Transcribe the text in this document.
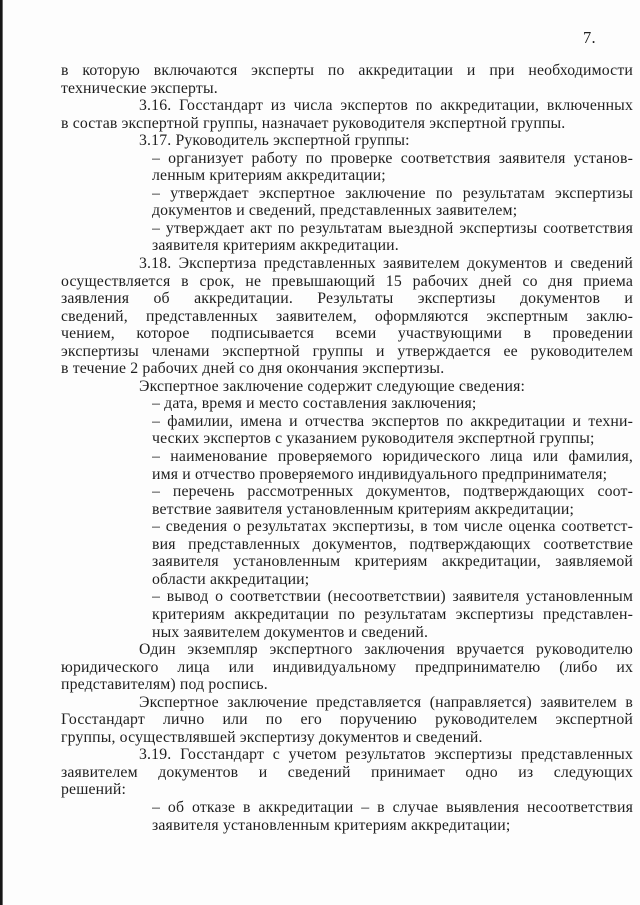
7.
в которую включаются эксперты по аккредитации и при необходимости
технические эксперты.
3.16. Госстандарт из числа экспертов по аккредитации, включенных
в состав экспертной группы, назначает руководителя экспертной группы.
3.17. Руководитель экспертной группы:
– организует работу по проверке соответствия заявителя установ-
ленным критериям аккредитации;
– утверждает экспертное заключение по результатам экспертизы
документов и сведений, представленных заявителем;
– утверждает акт по результатам выездной экспертизы соответствия
заявителя критериям аккредитации.
3.18. Экспертиза представленных заявителем документов и сведений
осуществляется в срок, не превышающий 15 рабочих дней со дня приема
заявления об аккредитации. Результаты экспертизы документов и
сведений, представленных заявителем, оформляются экспертным заклю-
чением, которое подписывается всеми участвующими в проведении
экспертизы членами экспертной группы и утверждается ее руководителем
в течение 2 рабочих дней со дня окончания экспертизы.
Экспертное заключение содержит следующие сведения:
– дата, время и место составления заключения;
– фамилии, имена и отчества экспертов по аккредитации и техни-
ческих экспертов с указанием руководителя экспертной группы;
– наименование проверяемого юридического лица или фамилия,
имя и отчество проверяемого индивидуального предпринимателя;
– перечень рассмотренных документов, подтверждающих соот-
ветствие заявителя установленным критериям аккредитации;
– сведения о результатах экспертизы, в том числе оценка соответст-
вия представленных документов, подтверждающих соответствие
заявителя установленным критериям аккредитации, заявляемой
области аккредитации;
– вывод о соответствии (несоответствии) заявителя установленным
критериям аккредитации по результатам экспертизы представлен-
ных заявителем документов и сведений.
Один экземпляр экспертного заключения вручается руководителю
юридического лица или индивидуальному предпринимателю (либо их
представителям) под роспись.
Экспертное заключение представляется (направляется) заявителем в
Госстандарт лично или по его поручению руководителем экспертной
группы, осуществлявшей экспертизу документов и сведений.
3.19. Госстандарт с учетом результатов экспертизы представленных
заявителем документов и сведений принимает одно из следующих
решений:
– об отказе в аккредитации – в случае выявления несоответствия
заявителя установленным критериям аккредитации;
